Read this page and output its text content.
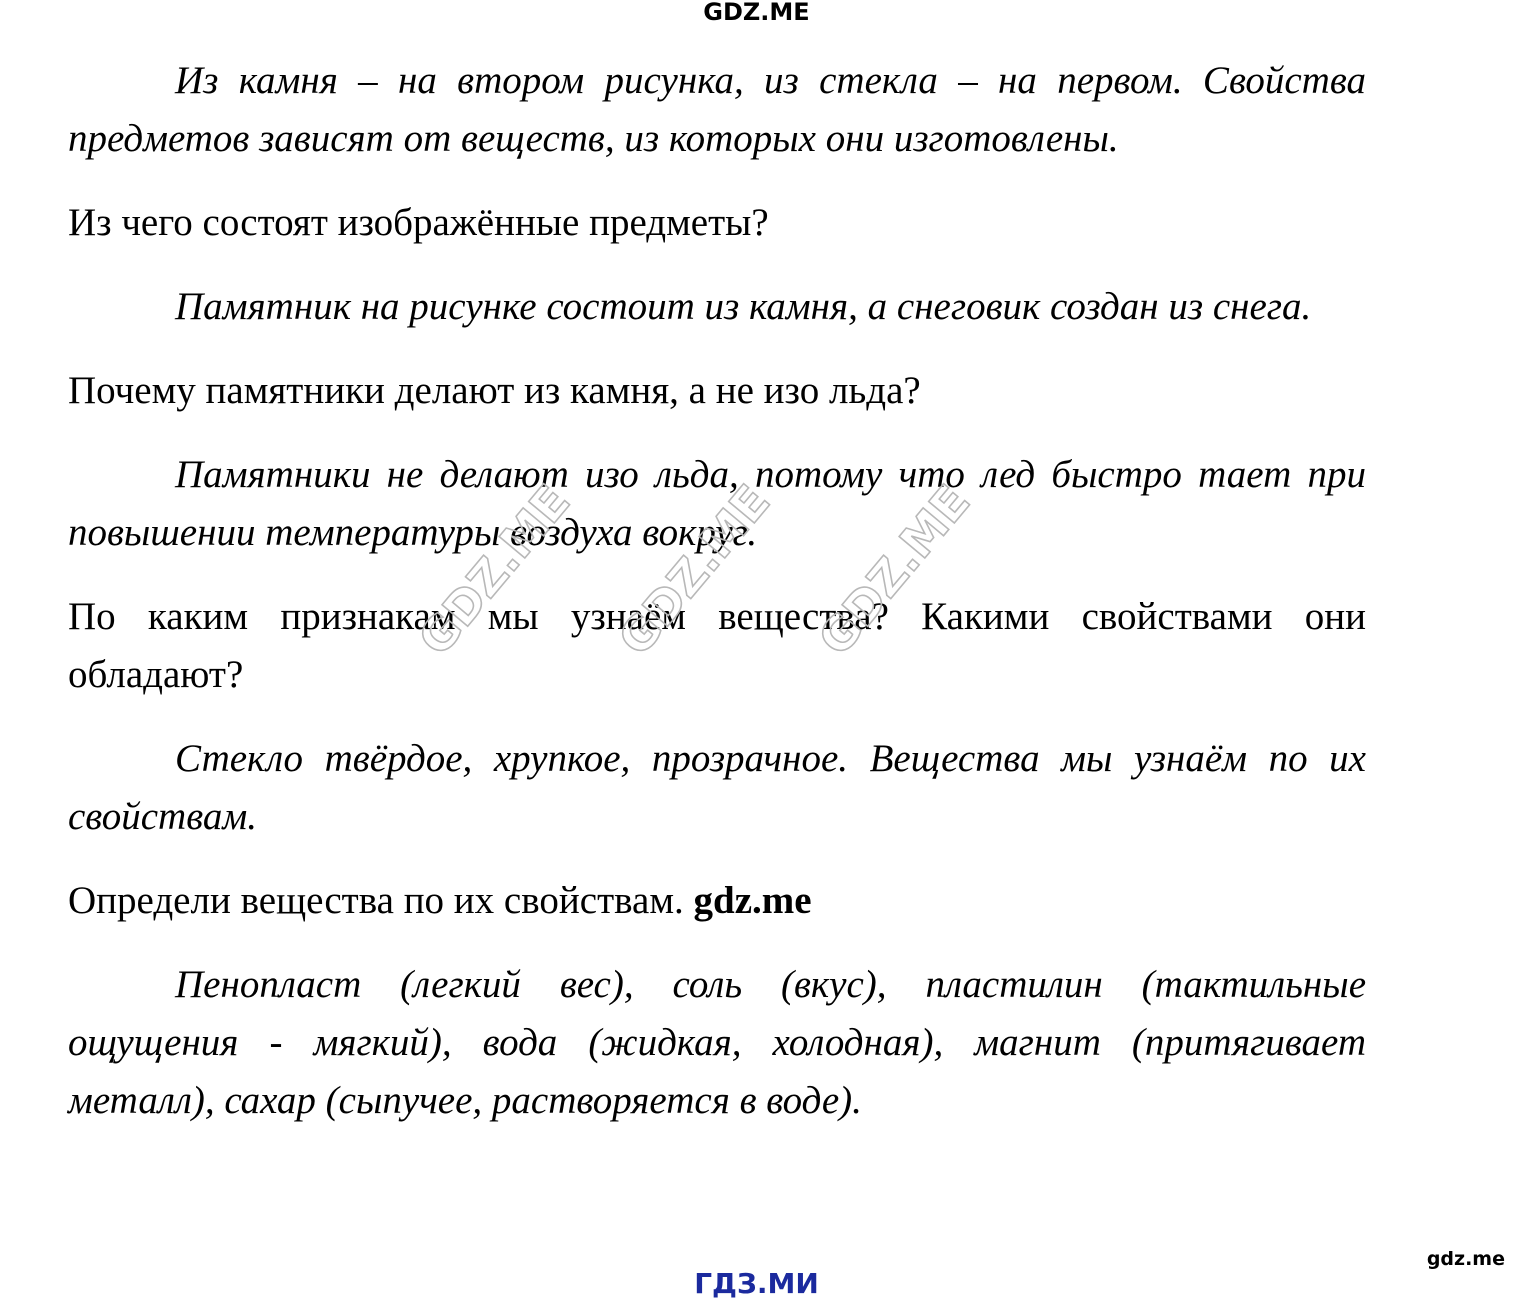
GDZ.ME

Из камня – на втором рисунка, из стекла – на первом. Свойства предметов зависят от веществ, из которых они изготовлены.

Из чего состоят изображённые предметы?

Памятник на рисунке состоит из камня, а снеговик создан из снега.

Почему памятники делают из камня, а не изо льда?

Памятники не делают изо льда, потому что лед быстро тает при повышении температуры воздуха вокруг.

По каким признакам мы узнаём вещества? Какими свойствами они обладают?

Стекло твёрдое, хрупкое, прозрачное. Вещества мы узнаём по их свойствам.

Определи вещества по их свойствам. gdz.me

Пенопласт (легкий вес), соль (вкус), пластилин (тактильные ощущения - мягкий), вода (жидкая, холодная), магнит (притягивает металл), сахар (сыпучее, растворяется в воде).

GDZ.ME GDZ.ME GDZ.ME
gdz.me
ГДЗ.МИ
